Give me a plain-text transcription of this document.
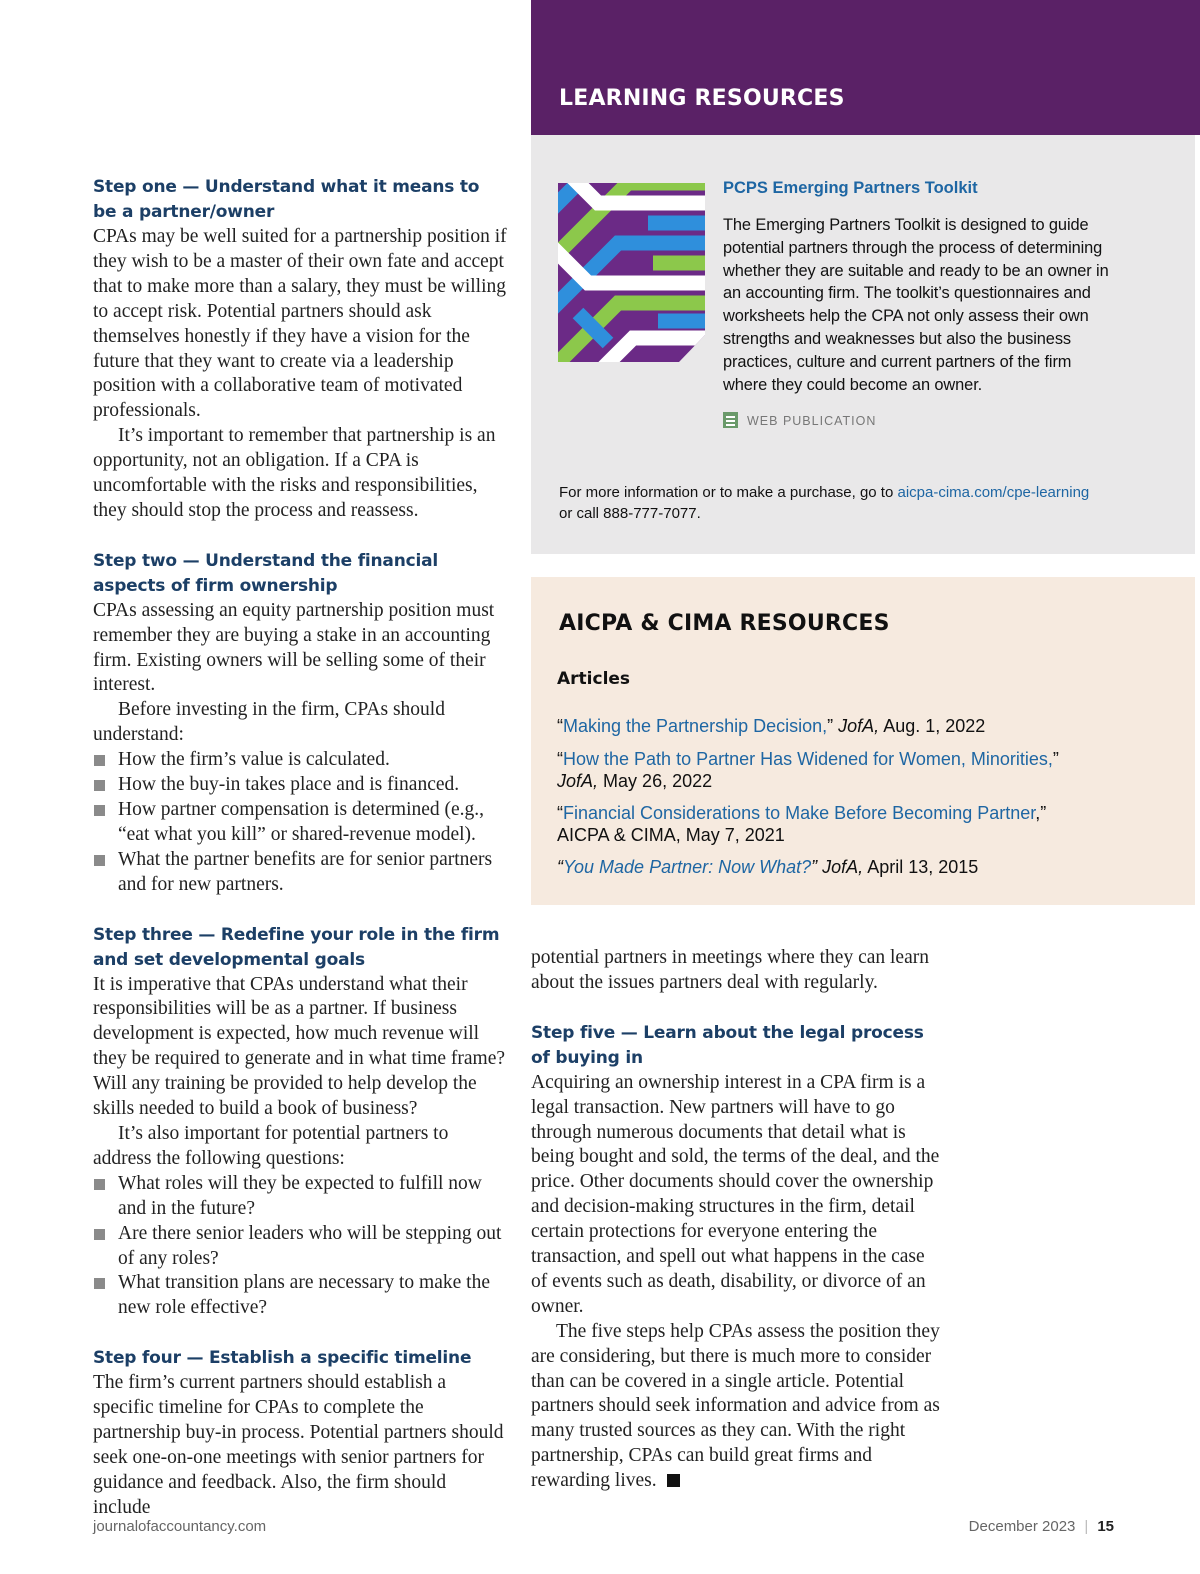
Step one — Understand what it means to be a partner/owner

CPAs may be well suited for a partnership position if they wish to be a master of their own fate and accept that to make more than a salary, they must be willing to accept risk. Potential partners should ask themselves honestly if they have a vision for the future that they want to create via a leadership position with a collaborative team of motivated professionals.

It’s important to remember that partnership is an opportunity, not an obligation. If a CPA is uncomfortable with the risks and responsibilities, they should stop the process and reassess.

Step two — Understand the financial aspects of firm ownership

CPAs assessing an equity partnership position must remember they are buying a stake in an accounting firm. Existing owners will be selling some of their interest.

Before investing in the firm, CPAs should understand:

How the firm’s value is calculated.
How the buy-in takes place and is financed.
How partner compensation is determined (e.g., “eat what you kill” or shared-revenue model).
What the partner benefits are for senior partners and for new partners.
Step three — Redefine your role in the firm and set developmental goals

It is imperative that CPAs understand what their responsibilities will be as a partner. If business development is expected, how much revenue will they be required to generate and in what time frame? Will any training be provided to help develop the skills needed to build a book of business?

It’s also important for potential partners to address the following questions:

What roles will they be expected to fulfill now and in the future?
Are there senior leaders who will be stepping out of any roles?
What transition plans are necessary to make the new role effective?
Step four — Establish a specific timeline

The firm’s current partners should establish a specific timeline for CPAs to complete the partnership buy-in process. Potential partners should seek one-on-one meetings with senior partners for guidance and feedback. Also, the firm should include

LEARNING RESOURCES
PCPS Emerging Partners Toolkit

The Emerging Partners Toolkit is designed to guide potential partners through the process of determining whether they are suitable and ready to be an owner in an accounting firm. The toolkit’s questionnaires and worksheets help the CPA not only assess their own strengths and weaknesses but also the business practices, culture and current partners of the firm where they could become an owner.

WEB PUBLICATION

For more information or to make a purchase, go to aicpa-cima.com/cpe-learning
or call 888-777-7077.

AICPA & CIMA RESOURCES
Articles

“Making the Partnership Decision,” JofA, Aug. 1, 2022

“How the Path to Partner Has Widened for Women, Minorities,”
JofA, May 26, 2022

“Financial Considerations to Make Before Becoming Partner,”
AICPA & CIMA, May 7, 2021

“You Made Partner: Now What?” JofA, April 13, 2015

potential partners in meetings where they can learn about the issues partners deal with regularly.

Step five — Learn about the legal process of buying in

Acquiring an ownership interest in a CPA firm is a legal transaction. New partners will have to go through numerous documents that detail what is being bought and sold, the terms of the deal, and the price. Other documents should cover the ownership and decision-making structures in the firm, detail certain protections for everyone entering the transaction, and spell out what happens in the case of events such as death, disability, or divorce of an owner.

The five steps help CPAs assess the position they are considering, but there is much more to consider than can be covered in a single article. Potential partners should seek information and advice from as many trusted sources as they can. With the right partnership, CPAs can build great firms and rewarding lives.

journalofaccountancy.com	December 2023 | 15
